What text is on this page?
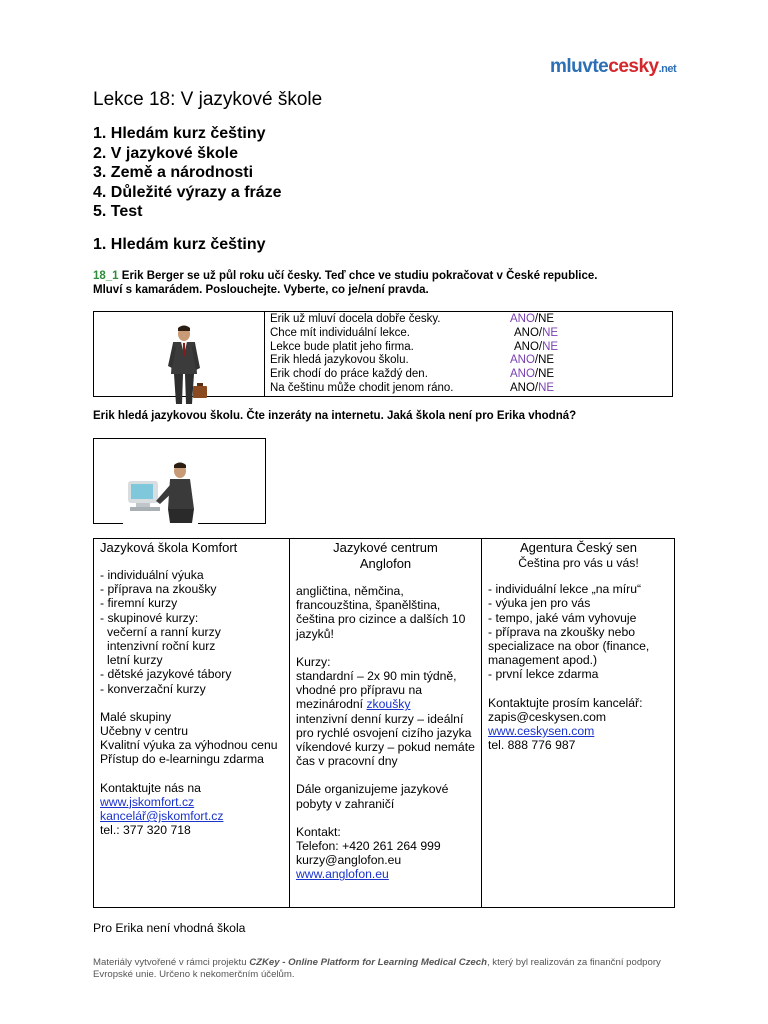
mluvtecesky.net
Lekce 18: V jazykové škole
1. Hledám kurz češtiny
2. V jazykové škole
3. Země a národnosti
4. Důležité výrazy a fráze
5. Test
1. Hledám kurz češtiny
18_1 Erik Berger se už půl roku učí česky. Teď chce ve studiu pokračovat v České republice.
Mluví s kamarádem. Poslouchejte. Vyberte, co je/není pravda.
Erik už mluví docela dobře česky.	ANO/NE
Chce mít individuální lekce.	ANO/NE
Lekce bude platit jeho firma.	ANO/NE
Erik hledá jazykovou školu.	ANO/NE
Erik chodí do práce každý den.	ANO/NE
Na češtinu může chodit jenom ráno.	ANO/NE
Erik hledá jazykovou školu. Čte inzeráty na internetu. Jaká škola není pro Erika vhodná?
Jazyková škola Komfort
- individuální výuka
- příprava na zkoušky
- firemní kurzy
- skupinové kurzy:
večerní a ranní kurzy
intenzivní roční kurz
letní kurzy
- dětské jazykové tábory
- konverzační kurzy
Malé skupiny
Učebny v centru
Kvalitní výuka za výhodnou cenu
Přístup do e-learningu zdarma
Kontaktujte nás na
www.jskomfort.cz
kancelář@jskomfort.cz
tel.: 377 320 718
Jazykové centrum
Anglofon
angličtina, němčina, francouzština, španělština, čeština pro cizince a dalších 10 jazyků!
Kurzy:
standardní – 2x 90 min týdně, vhodné pro přípravu na mezinárodní zkoušky
intenzivní denní kurzy – ideální pro rychlé osvojení cizího jazyka
víkendové kurzy – pokud nemáte čas v pracovní dny
Dále organizujeme jazykové pobyty v zahraničí
Kontakt:
Telefon: +420 261 264 999
kurzy@anglofon.eu
www.anglofon.eu
Agentura Český sen
Čeština pro vás u vás!
- individuální lekce „na míru“
- výuka jen pro vás
- tempo, jaké vám vyhovuje
- příprava na zkoušky nebo specializace na obor (finance, management apod.)
- první lekce zdarma
Kontaktujte prosím kancelář:
zapis@ceskysen.com
www.ceskysen.com
tel. 888 776 987
Pro Erika není vhodná škola
Materiály vytvořené v rámci projektu CZKey - Online Platform for Learning Medical Czech, který byl realizován za finanční podpory Evropské unie. Určeno k nekomerčním účelům.
